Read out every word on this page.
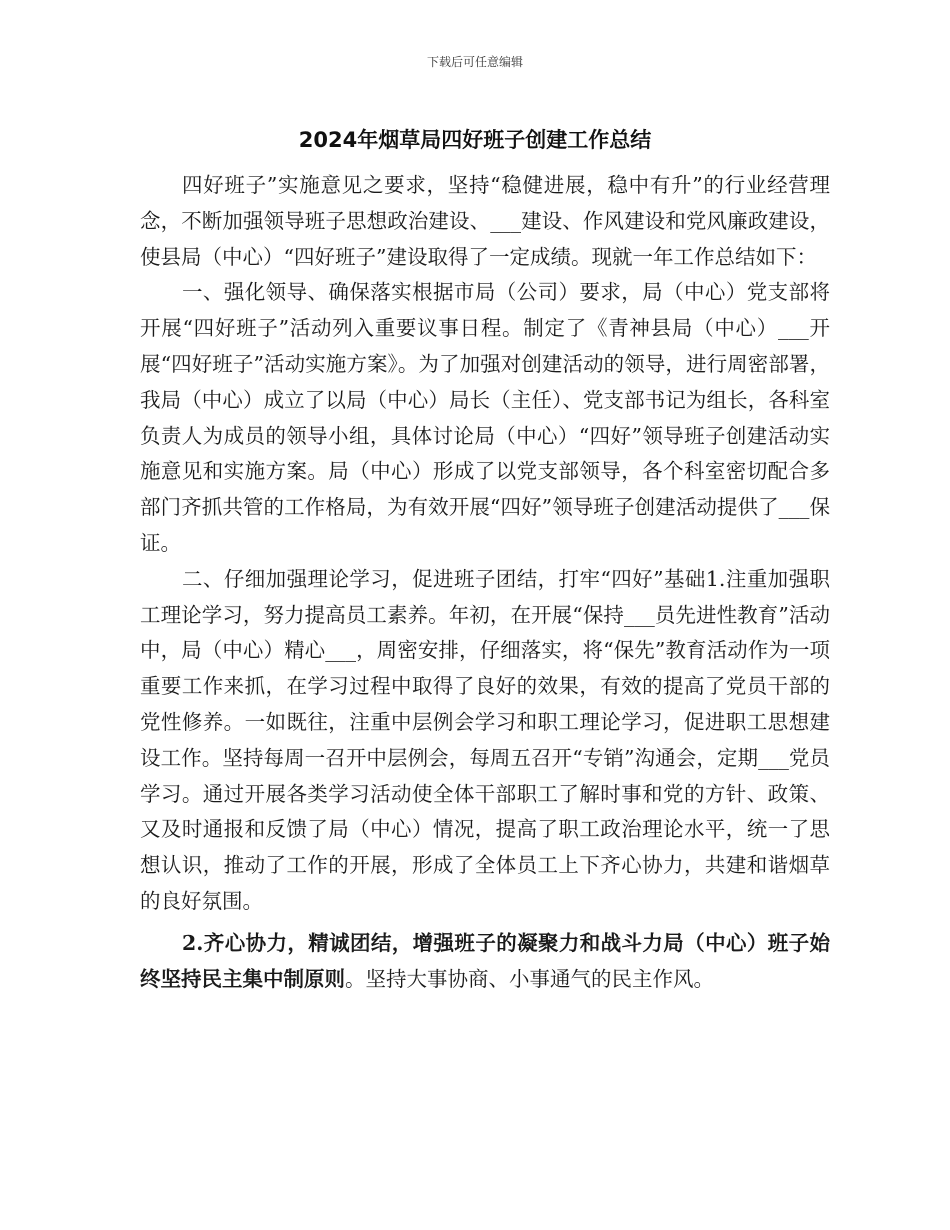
下载后可任意编辑
2024年烟草局四好班子创建工作总结

四好班子”实施意见之要求，坚持“稳健进展，稳中有升”的行业经营理念，不断加强领导班子思想政治建设、___建设、作风建设和党风廉政建设，使县局（中心）“四好班子”建设取得了一定成绩。现就一年工作总结如下：

一、强化领导、确保落实根据市局（公司）要求，局（中心）党支部将开展“四好班子”活动列入重要议事日程。制定了《青神县局（中心）___开展“四好班子”活动实施方案》。为了加强对创建活动的领导，进行周密部署，我局（中心）成立了以局（中心）局长（主任）、党支部书记为组长，各科室负责人为成员的领导小组，具体讨论局（中心）“四好”领导班子创建活动实施意见和实施方案。局（中心）形成了以党支部领导，各个科室密切配合多部门齐抓共管的工作格局，为有效开展“四好”领导班子创建活动提供了___保证。

二、仔细加强理论学习，促进班子团结，打牢“四好”基础1.注重加强职工理论学习，努力提高员工素养。年初，在开展“保持___员先进性教育”活动中，局（中心）精心___，周密安排，仔细落实，将“保先”教育活动作为一项重要工作来抓，在学习过程中取得了良好的效果，有效的提高了党员干部的党性修养。一如既往，注重中层例会学习和职工理论学习，促进职工思想建设工作。坚持每周一召开中层例会，每周五召开“专销”沟通会，定期___党员学习。通过开展各类学习活动使全体干部职工了解时事和党的方针、政策、又及时通报和反馈了局（中心）情况，提高了职工政治理论水平，统一了思想认识，推动了工作的开展，形成了全体员工上下齐心协力，共建和谐烟草的良好氛围。

2.齐心协力，精诚团结，增强班子的凝聚力和战斗力局（中心）班子始终坚持民主集中制原则。坚持大事协商、小事通气的民主作风。
